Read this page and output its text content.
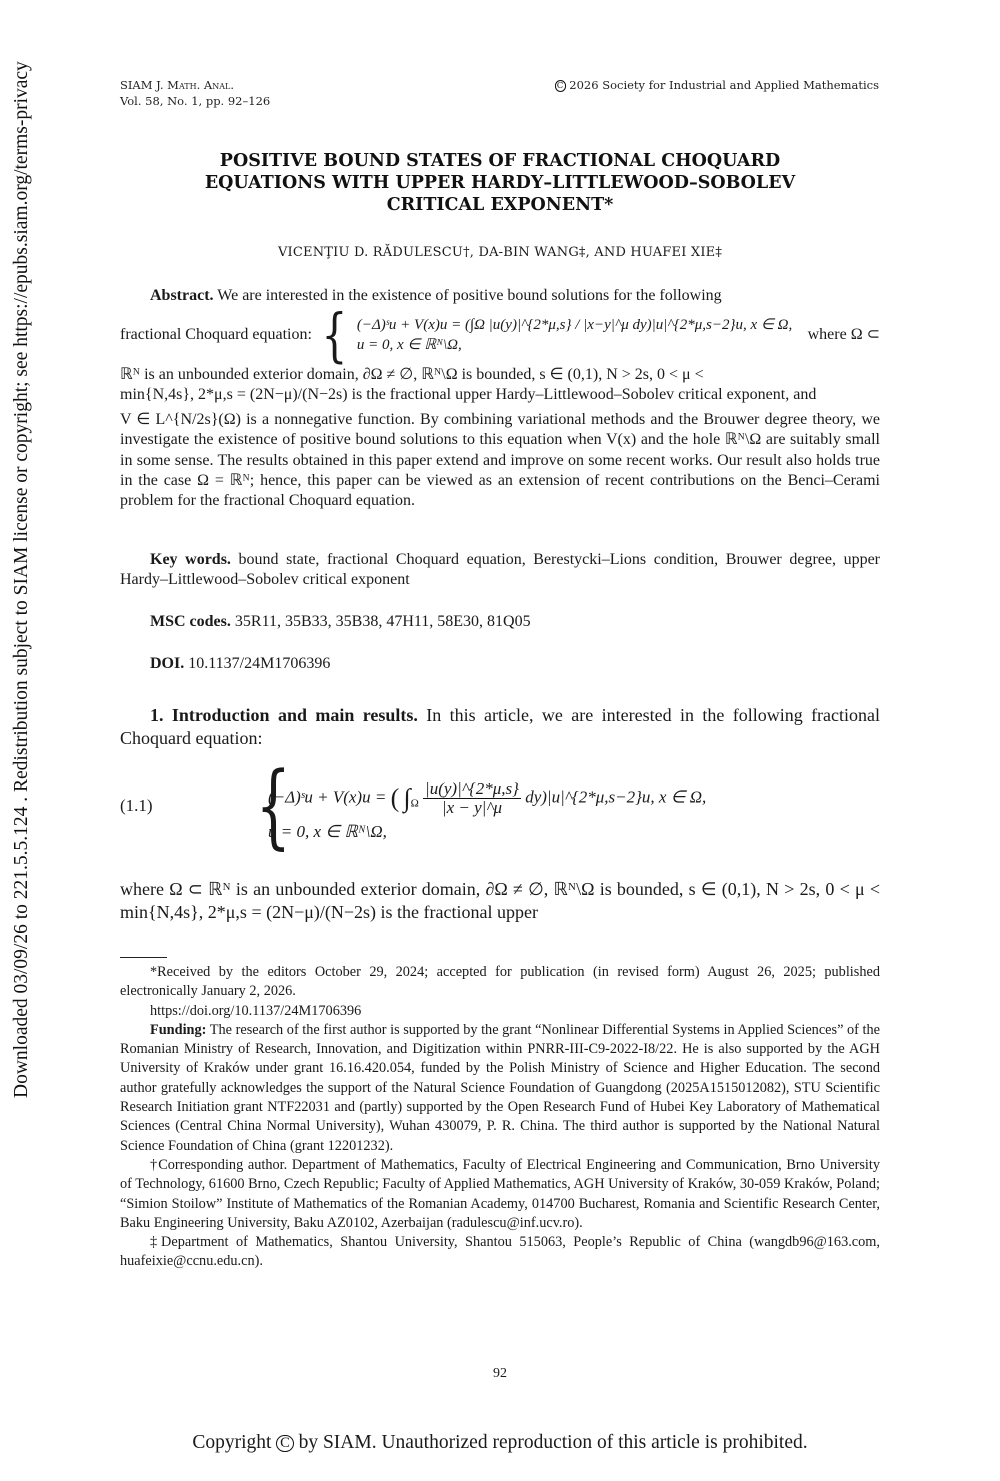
Downloaded 03/09/26 to 221.5.5.124 . Redistribution subject to SIAM license or copyright; see https://epubs.siam.org/terms-privacy	SIAM J. Math. Anal.
Vol. 58, No. 1, pp. 92–126
C 2026 Society for Industrial and Applied Mathematics
POSITIVE BOUND STATES OF FRACTIONAL CHOQUARD
EQUATIONS WITH UPPER HARDY–LITTLEWOOD–SOBOLEV
CRITICAL EXPONENT*
VICENŢIU D. RĂDULESCU†, DA-BIN WANG‡, AND HUAFEI XIE‡
Abstract. We are interested in the existence of positive bound solutions for the following
fractional Choquard equation: { (−Δ)ˢu + V(x)u = (∫Ω |u(y)|^{2*μ,s} / |x−y|^μ dy)|u|^{2*μ,s−2}u, x ∈ Ω,
u = 0, x ∈ ℝᴺ\Ω,
where Ω ⊂
ℝᴺ is an unbounded exterior domain, ∂Ω ≠ ∅, ℝᴺ\Ω is bounded, s ∈ (0,1), N > 2s, 0 < μ <
min{N,4s}, 2*μ,s = (2N−μ)/(N−2s) is the fractional upper Hardy–Littlewood–Sobolev critical exponent, and
V ∈ L^{N/2s}(Ω) is a nonnegative function. By combining variational methods and the Brouwer degree theory, we investigate the existence of positive bound solutions to this equation when V(x) and the hole ℝᴺ\Ω are suitably small in some sense. The results obtained in this paper extend and improve on some recent works. Our result also holds true in the case Ω = ℝᴺ; hence, this paper can be viewed as an extension of recent contributions on the Benci–Cerami problem for the fractional Choquard equation.
Key words. bound state, fractional Choquard equation, Berestycki–Lions condition, Brouwer degree, upper Hardy–Littlewood–Sobolev critical exponent
MSC codes. 35R11, 35B33, 35B38, 47H11, 58E30, 81Q05
DOI. 10.1137/24M1706396
1. Introduction and main results. In this article, we are interested in the following fractional Choquard equation:
(1.1) {
(−Δ)ˢu + V(x)u = ( $\int_\Omega \frac{|u(y)|\^{}\{2*\mu,s\}}{|x - y|\^{}\mu}$ dy)|u|^{2*μ,s−2}u, x ∈ Ω,
u = 0, x ∈ ℝᴺ\Ω,
where Ω ⊂ ℝᴺ is an unbounded exterior domain, ∂Ω ≠ ∅, ℝᴺ\Ω is bounded, s ∈ (0,1), N > 2s, 0 < μ < min{N,4s}, 2*μ,s = (2N−μ)/(N−2s) is the fractional upper
*Received by the editors October 29, 2024; accepted for publication (in revised form) August 26, 2025; published electronically January 2, 2026.
https://doi.org/10.1137/24M1706396
Funding: The research of the first author is supported by the grant “Nonlinear Differential Systems in Applied Sciences” of the Romanian Ministry of Research, Innovation, and Digitization within PNRR-III-C9-2022-I8/22. He is also supported by the AGH University of Kraków under grant 16.16.420.054, funded by the Polish Ministry of Science and Higher Education. The second author gratefully acknowledges the support of the Natural Science Foundation of Guangdong (2025A1515012082), STU Scientific Research Initiation grant NTF22031 and (partly) supported by the Open Research Fund of Hubei Key Laboratory of Mathematical Sciences (Central China Normal University), Wuhan 430079, P. R. China. The third author is supported by the National Natural Science Foundation of China (grant 12201232).
†Corresponding author. Department of Mathematics, Faculty of Electrical Engineering and Communication, Brno University of Technology, 61600 Brno, Czech Republic; Faculty of Applied Mathematics, AGH University of Kraków, 30-059 Kraków, Poland; “Simion Stoilow” Institute of Mathematics of the Romanian Academy, 014700 Bucharest, Romania and Scientific Research Center, Baku Engineering University, Baku AZ0102, Azerbaijan (radulescu@inf.ucv.ro).
‡Department of Mathematics, Shantou University, Shantou 515063, People’s Republic of China (wangdb96@163.com, huafeixie@ccnu.edu.cn).
92
Copyright C by SIAM. Unauthorized reproduction of this article is prohibited.
